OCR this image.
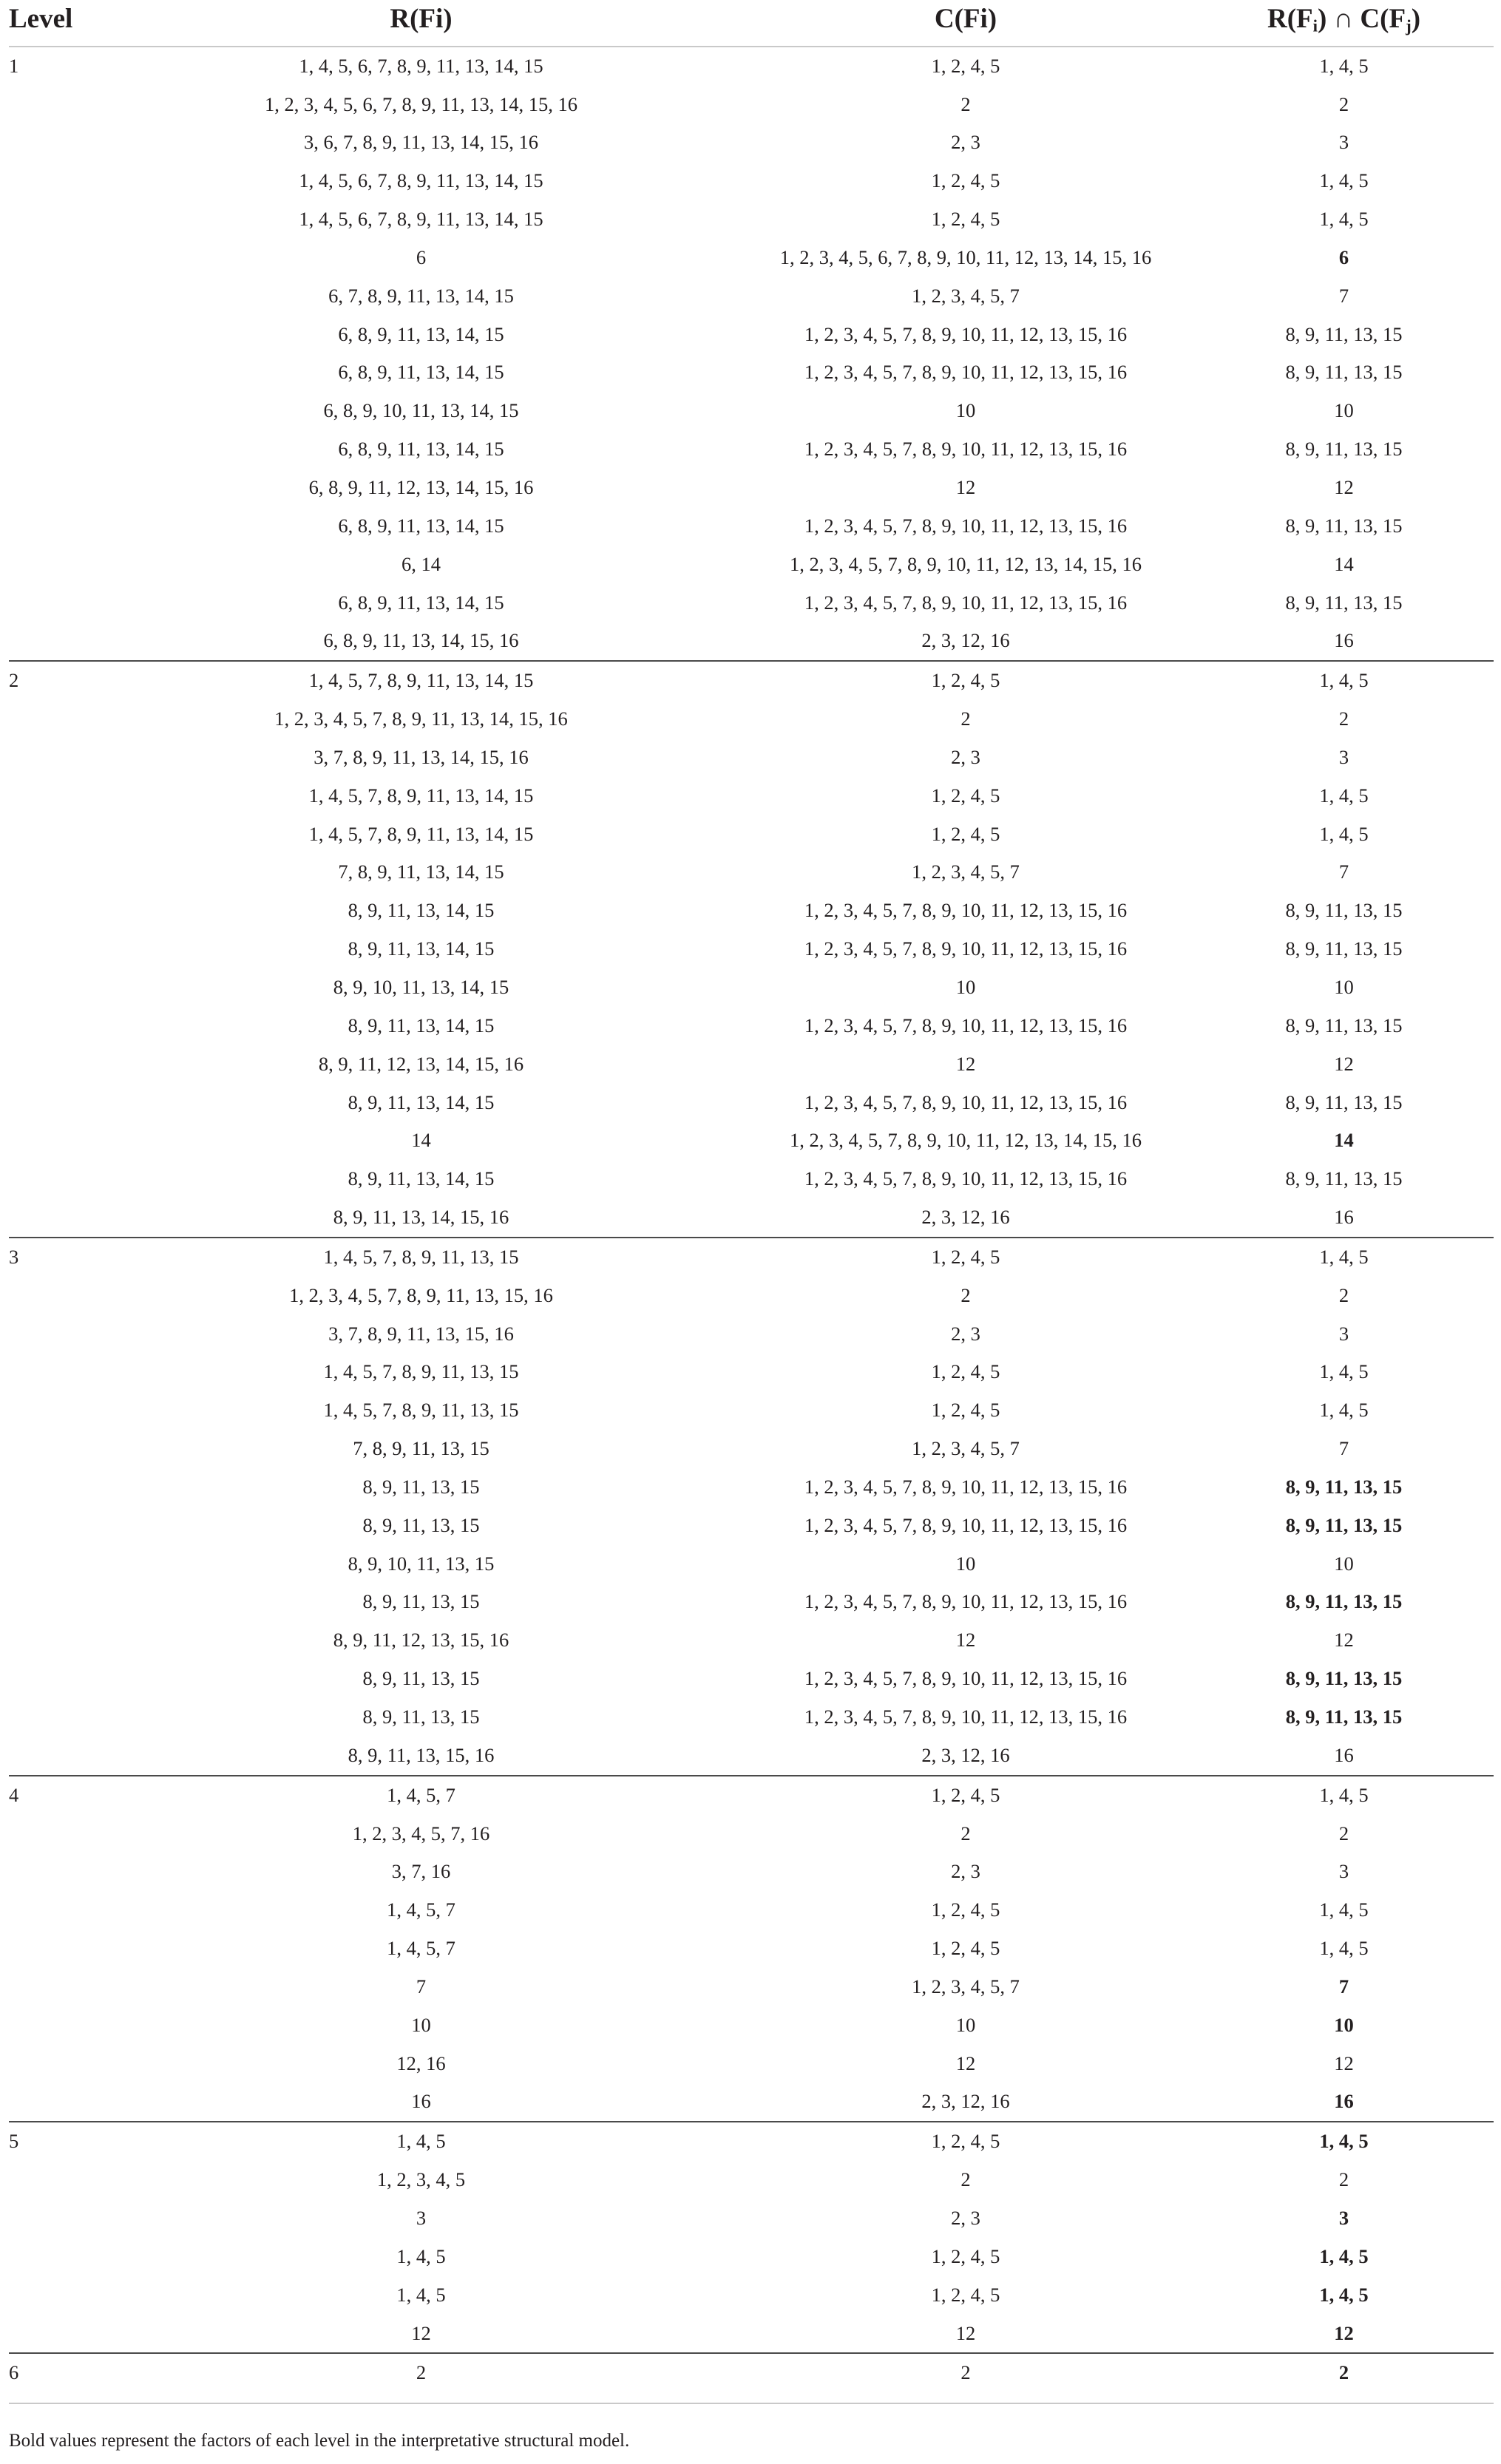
Level	R(Fi)	C(Fi)	$R(F_i)$ ∩ $C(F_j)$
1	1, 4, 5, 6, 7, 8, 9, 11, 13, 14, 15	1, 2, 4, 5	1, 4, 5
	1, 2, 3, 4, 5, 6, 7, 8, 9, 11, 13, 14, 15, 16	2	2
	3, 6, 7, 8, 9, 11, 13, 14, 15, 16	2, 3	3
	1, 4, 5, 6, 7, 8, 9, 11, 13, 14, 15	1, 2, 4, 5	1, 4, 5
	1, 4, 5, 6, 7, 8, 9, 11, 13, 14, 15	1, 2, 4, 5	1, 4, 5
	6	1, 2, 3, 4, 5, 6, 7, 8, 9, 10, 11, 12, 13, 14, 15, 16	6
	6, 7, 8, 9, 11, 13, 14, 15	1, 2, 3, 4, 5, 7	7
	6, 8, 9, 11, 13, 14, 15	1, 2, 3, 4, 5, 7, 8, 9, 10, 11, 12, 13, 15, 16	8, 9, 11, 13, 15
	6, 8, 9, 11, 13, 14, 15	1, 2, 3, 4, 5, 7, 8, 9, 10, 11, 12, 13, 15, 16	8, 9, 11, 13, 15
	6, 8, 9, 10, 11, 13, 14, 15	10	10
	6, 8, 9, 11, 13, 14, 15	1, 2, 3, 4, 5, 7, 8, 9, 10, 11, 12, 13, 15, 16	8, 9, 11, 13, 15
	6, 8, 9, 11, 12, 13, 14, 15, 16	12	12
	6, 8, 9, 11, 13, 14, 15	1, 2, 3, 4, 5, 7, 8, 9, 10, 11, 12, 13, 15, 16	8, 9, 11, 13, 15
	6, 14	1, 2, 3, 4, 5, 7, 8, 9, 10, 11, 12, 13, 14, 15, 16	14
	6, 8, 9, 11, 13, 14, 15	1, 2, 3, 4, 5, 7, 8, 9, 10, 11, 12, 13, 15, 16	8, 9, 11, 13, 15
	6, 8, 9, 11, 13, 14, 15, 16	2, 3, 12, 16	16
2	1, 4, 5, 7, 8, 9, 11, 13, 14, 15	1, 2, 4, 5	1, 4, 5
	1, 2, 3, 4, 5, 7, 8, 9, 11, 13, 14, 15, 16	2	2
	3, 7, 8, 9, 11, 13, 14, 15, 16	2, 3	3
	1, 4, 5, 7, 8, 9, 11, 13, 14, 15	1, 2, 4, 5	1, 4, 5
	1, 4, 5, 7, 8, 9, 11, 13, 14, 15	1, 2, 4, 5	1, 4, 5
	7, 8, 9, 11, 13, 14, 15	1, 2, 3, 4, 5, 7	7
	8, 9, 11, 13, 14, 15	1, 2, 3, 4, 5, 7, 8, 9, 10, 11, 12, 13, 15, 16	8, 9, 11, 13, 15
	8, 9, 11, 13, 14, 15	1, 2, 3, 4, 5, 7, 8, 9, 10, 11, 12, 13, 15, 16	8, 9, 11, 13, 15
	8, 9, 10, 11, 13, 14, 15	10	10
	8, 9, 11, 13, 14, 15	1, 2, 3, 4, 5, 7, 8, 9, 10, 11, 12, 13, 15, 16	8, 9, 11, 13, 15
	8, 9, 11, 12, 13, 14, 15, 16	12	12
	8, 9, 11, 13, 14, 15	1, 2, 3, 4, 5, 7, 8, 9, 10, 11, 12, 13, 15, 16	8, 9, 11, 13, 15
	14	1, 2, 3, 4, 5, 7, 8, 9, 10, 11, 12, 13, 14, 15, 16	14
	8, 9, 11, 13, 14, 15	1, 2, 3, 4, 5, 7, 8, 9, 10, 11, 12, 13, 15, 16	8, 9, 11, 13, 15
	8, 9, 11, 13, 14, 15, 16	2, 3, 12, 16	16
3	1, 4, 5, 7, 8, 9, 11, 13, 15	1, 2, 4, 5	1, 4, 5
	1, 2, 3, 4, 5, 7, 8, 9, 11, 13, 15, 16	2	2
	3, 7, 8, 9, 11, 13, 15, 16	2, 3	3
	1, 4, 5, 7, 8, 9, 11, 13, 15	1, 2, 4, 5	1, 4, 5
	1, 4, 5, 7, 8, 9, 11, 13, 15	1, 2, 4, 5	1, 4, 5
	7, 8, 9, 11, 13, 15	1, 2, 3, 4, 5, 7	7
	8, 9, 11, 13, 15	1, 2, 3, 4, 5, 7, 8, 9, 10, 11, 12, 13, 15, 16	8, 9, 11, 13, 15
	8, 9, 11, 13, 15	1, 2, 3, 4, 5, 7, 8, 9, 10, 11, 12, 13, 15, 16	8, 9, 11, 13, 15
	8, 9, 10, 11, 13, 15	10	10
	8, 9, 11, 13, 15	1, 2, 3, 4, 5, 7, 8, 9, 10, 11, 12, 13, 15, 16	8, 9, 11, 13, 15
	8, 9, 11, 12, 13, 15, 16	12	12
	8, 9, 11, 13, 15	1, 2, 3, 4, 5, 7, 8, 9, 10, 11, 12, 13, 15, 16	8, 9, 11, 13, 15
	8, 9, 11, 13, 15	1, 2, 3, 4, 5, 7, 8, 9, 10, 11, 12, 13, 15, 16	8, 9, 11, 13, 15
	8, 9, 11, 13, 15, 16	2, 3, 12, 16	16
4	1, 4, 5, 7	1, 2, 4, 5	1, 4, 5
	1, 2, 3, 4, 5, 7, 16	2	2
	3, 7, 16	2, 3	3
	1, 4, 5, 7	1, 2, 4, 5	1, 4, 5
	1, 4, 5, 7	1, 2, 4, 5	1, 4, 5
	7	1, 2, 3, 4, 5, 7	7
	10	10	10
	12, 16	12	12
	16	2, 3, 12, 16	16
5	1, 4, 5	1, 2, 4, 5	1, 4, 5
	1, 2, 3, 4, 5	2	2
	3	2, 3	3
	1, 4, 5	1, 2, 4, 5	1, 4, 5
	1, 4, 5	1, 2, 4, 5	1, 4, 5
	12	12	12
6	2	2	2
Bold values represent the factors of each level in the interpretative structural model.
